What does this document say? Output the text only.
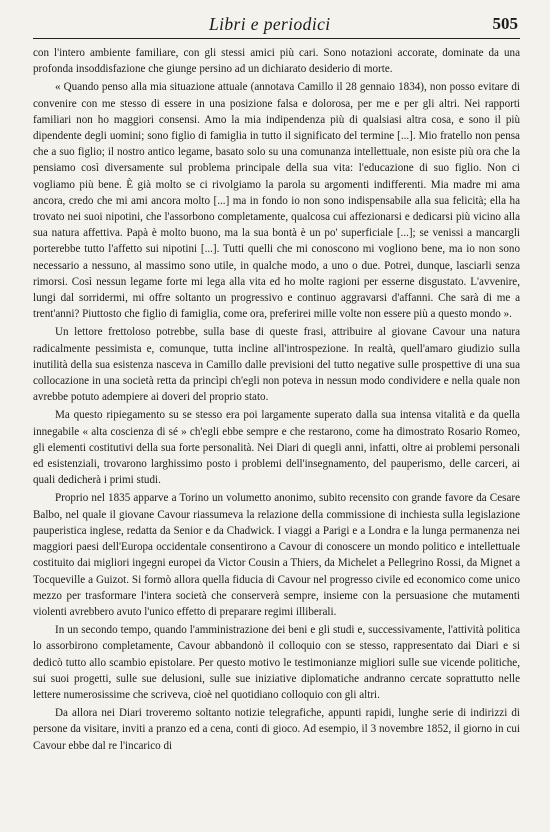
Libri e periodici	505

con l'intero ambiente familiare, con gli stessi amici più cari. Sono notazioni accorate, dominate da una profonda insoddisfazione che giunge persino ad un dichiarato desiderio di morte.

« Quando penso alla mia situazione attuale (annotava Camillo il 28 gennaio 1834), non posso evitare di convenire con me stesso di essere in una posizione falsa e dolorosa, per me e per gli altri. Nei rapporti familiari non ho maggiori consensi. Amo la mia indipendenza più di qualsiasi altra cosa, e sono il più dipendente degli uomini; sono figlio di famiglia in tutto il significato del termine [...]. Mio fratello non pensa che a suo figlio; il nostro antico legame, basato solo su una comunanza intellettuale, non esiste più ora che la pensiamo così diversamente sul problema principale della sua vita: l'educazione di suo figlio. Non ci vogliamo più bene. È già molto se ci rivolgiamo la parola su argomenti indifferenti. Mia madre mi ama ancora, credo che mi ami ancora molto [...] ma in fondo io non sono indispensabile alla sua felicità; ella ha trovato nei suoi nipotini, che l'assorbono completamente, qualcosa cui affezionarsi e dedicarsi più vicino alla sua natura affettiva. Papà è molto buono, ma la sua bontà è un po' superficiale [...]; se venissi a mancargli porterebbe tutto l'affetto sui nipotini [...]. Tutti quelli che mi conoscono mi vogliono bene, ma io non sono necessario a nessuno, al massimo sono utile, in qualche modo, a uno o due. Potrei, dunque, lasciarli senza rimorsi. Così nessun legame forte mi lega alla vita ed ho molte ragioni per esserne disgustato. L'avvenire, lungi dal sorridermi, mi offre soltanto un progressivo e continuo aggravarsi d'affanni. Che sarà di me a trent'anni? Piuttosto che figlio di famiglia, come ora, preferirei mille volte non essere più a questo mondo ».

Un lettore frettoloso potrebbe, sulla base di queste frasi, attribuire al giovane Cavour una natura radicalmente pessimista e, comunque, tutta incline all'introspezione. In realtà, quell'amaro giudizio sulla inutilità della sua esistenza nasceva in Camillo dalle previsioni del tutto negative sulle prospettive di una sua collocazione in una società retta da princìpi ch'egli non poteva in nessun modo condividere e nella quale non avrebbe potuto adempiere ai doveri del proprio stato.

Ma questo ripiegamento su se stesso era poi largamente superato dalla sua intensa vitalità e da quella innegabile « alta coscienza di sé » ch'egli ebbe sempre e che restarono, come ha dimostrato Rosario Romeo, gli elementi costitutivi della sua forte personalità. Nei Diari di quegli anni, infatti, oltre ai problemi personali ed esistenziali, trovarono larghissimo posto i problemi dell'insegnamento, del pauperismo, delle carceri, ai quali dedicherà i primi studi.

Proprio nel 1835 apparve a Torino un volumetto anonimo, subito recensito con grande favore da Cesare Balbo, nel quale il giovane Cavour riassumeva la relazione della commissione di inchiesta sulla legislazione pauperistica inglese, redatta da Senior e da Chadwick. I viaggi a Parigi e a Londra e la lunga permanenza nei maggiori paesi dell'Europa occidentale consentirono a Cavour di conoscere un mondo politico e intellettuale costituito dai migliori ingegni europei da Victor Cousin a Thiers, da Michelet a Pellegrino Rossi, da Mignet a Tocqueville a Guizot. Si formò allora quella fiducia di Cavour nel progresso civile ed economico come unico mezzo per trasformare l'intera società che conserverà sempre, insieme con la persuasione che mutamenti violenti avrebbero avuto l'unico effetto di preparare regimi illiberali.

In un secondo tempo, quando l'amministrazione dei beni e gli studi e, successivamente, l'attività politica lo assorbirono completamente, Cavour abbandonò il colloquio con se stesso, rappresentato dai Diari e si dedicò tutto allo scambio epistolare. Per questo motivo le testimonianze migliori sulle sue vicende politiche, sui suoi progetti, sulle sue delusioni, sulle sue iniziative diplomatiche andranno cercate soprattutto nelle lettere numerosissime che scriveva, cioè nel quotidiano colloquio con gli altri.

Da allora nei Diari troveremo soltanto notizie telegrafiche, appunti rapidi, lunghe serie di indirizzi di persone da visitare, inviti a pranzo ed a cena, conti di gioco. Ad esempio, il 3 novembre 1852, il giorno in cui Cavour ebbe dal re l'incarico di
